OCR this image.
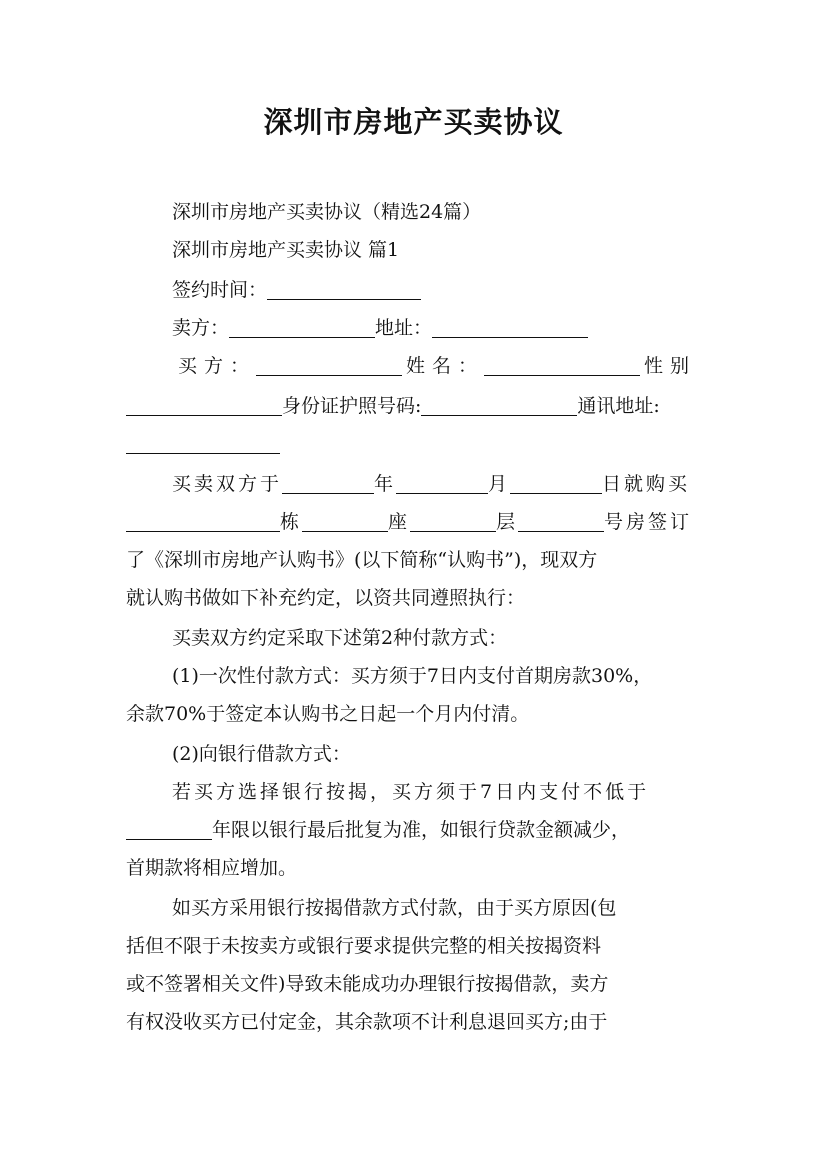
深圳市房地产买卖协议
深圳市房地产买卖协议（精选24篇）
深圳市房地产买卖协议 篇1
签约时间：
卖方：	地址：
买方：	姓名：	性别
身份证护照号码:	通讯地址:
买卖双方于	年	月	日就购买
栋	座	层	号房签订
了《深圳市房地产认购书》(以下简称“认购书”)，现双方
就认购书做如下补充约定，以资共同遵照执行：
买卖双方约定采取下述第2种付款方式：
(1)一次性付款方式：买方须于7日内支付首期房款30%，
余款70%于签定本认购书之日起一个月内付清。
(2)向银行借款方式：
若买方选择银行按揭，买方须于7日内支付不低于
年限以银行最后批复为准，如银行贷款金额减少，
首期款将相应增加。
如买方采用银行按揭借款方式付款，由于买方原因(包
括但不限于未按卖方或银行要求提供完整的相关按揭资料
或不签署相关文件)导致未能成功办理银行按揭借款，卖方
有权没收买方已付定金，其余款项不计利息退回买方;由于
